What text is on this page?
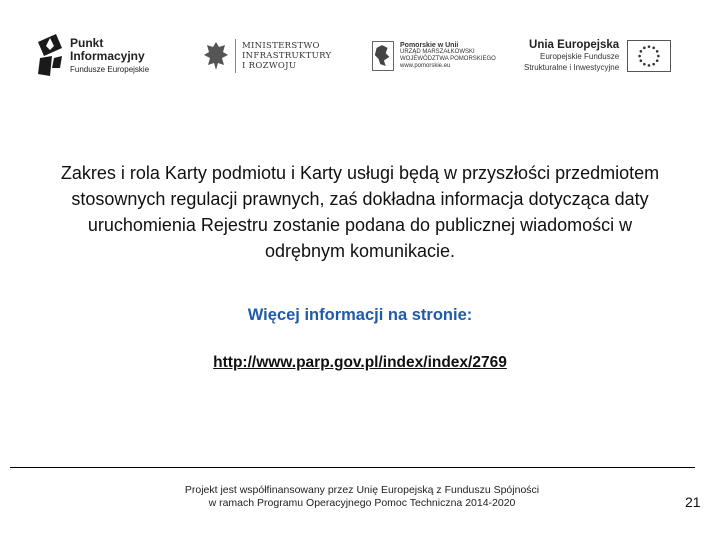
Punkt
Informacyjny
Fundusze Europejskie
MINISTERSTWO
INFRASTRUKTURY
I ROZWOJU
Pomorskie w Unii
URZĄD MARSZAŁKOWSKI
WOJEWÓDZTWA POMORSKIEGO
www.pomorskie.eu
Unia Europejska
Europejskie Fundusze
Strukturalne i Inwestycyjne
Zakres i rola Karty podmiotu i Karty usługi będą w przyszłości przedmiotem stosownych regulacji prawnych, zaś dokładna informacja dotycząca daty uruchomienia Rejestru zostanie podana do publicznej wiadomości w odrębnym komunikacie.
Więcej informacji na stronie:
http://www.parp.gov.pl/index/index/2769
Projekt jest współfinansowany przez Unię Europejską z Funduszu Spójności
w ramach Programu Operacyjnego Pomoc Techniczna 2014-2020	21
